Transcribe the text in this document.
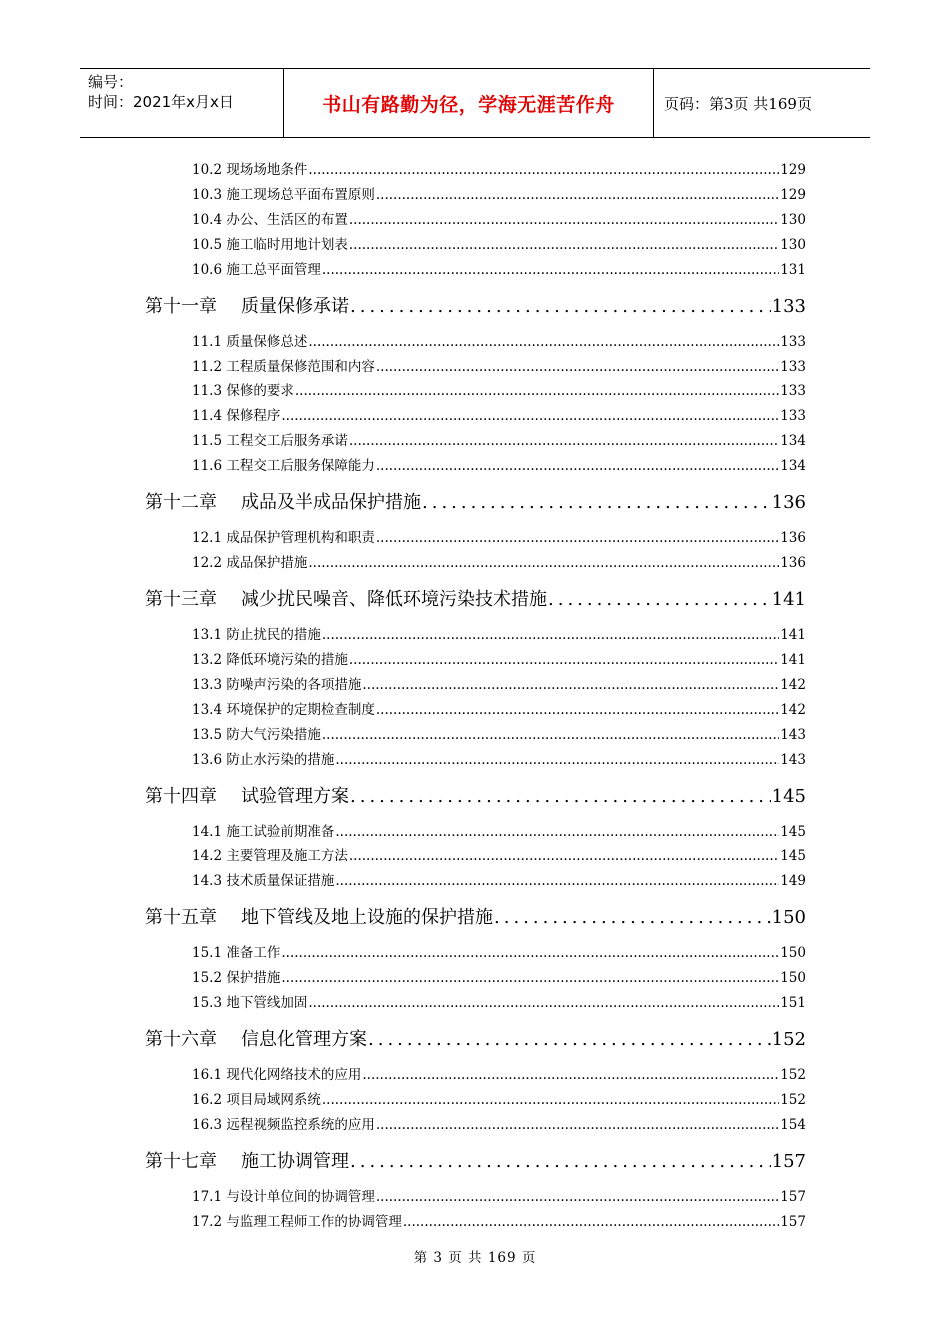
编号：
时间：2021年x月x日	书山有路勤为径，学海无涯苦作舟	页码：第3页 共169页
10.2 现场场地条件 .....	129
10.3 施工现场总平面布置原则 .....	129
10.4 办公、生活区的布置 .....	130
10.5 施工临时用地计划表 .....	130
10.6 施工总平面管理 .....	131
第十一章 质量保修承诺 .....	133
11.1 质量保修总述 .....	133
11.2 工程质量保修范围和内容 .....	133
11.3 保修的要求 .....	133
11.4 保修程序 .....	133
11.5 工程交工后服务承诺 .....	134
11.6 工程交工后服务保障能力 .....	134
第十二章 成品及半成品保护措施 .....	136
12.1 成品保护管理机构和职责 .....	136
12.2 成品保护措施 .....	136
第十三章 减少扰民噪音、降低环境污染技术措施 .....	141
13.1 防止扰民的措施 .....	141
13.2 降低环境污染的措施 .....	141
13.3 防噪声污染的各项措施 .....	142
13.4 环境保护的定期检查制度 .....	142
13.5 防大气污染措施 .....	143
13.6 防止水污染的措施 .....	143
第十四章 试验管理方案 .....	145
14.1 施工试验前期准备 .....	145
14.2 主要管理及施工方法 .....	145
14.3 技术质量保证措施 .....	149
第十五章 地下管线及地上设施的保护措施 .....	150
15.1 准备工作 .....	150
15.2 保护措施 .....	150
15.3 地下管线加固 .....	151
第十六章 信息化管理方案 .....	152
16.1 现代化网络技术的应用 .....	152
16.2 项目局域网系统 .....	152
16.3 远程视频监控系统的应用 .....	154
第十七章 施工协调管理 .....	157
17.1 与设计单位间的协调管理 .....	157
17.2 与监理工程师工作的协调管理 .....	157
第 3 页 共 169 页
